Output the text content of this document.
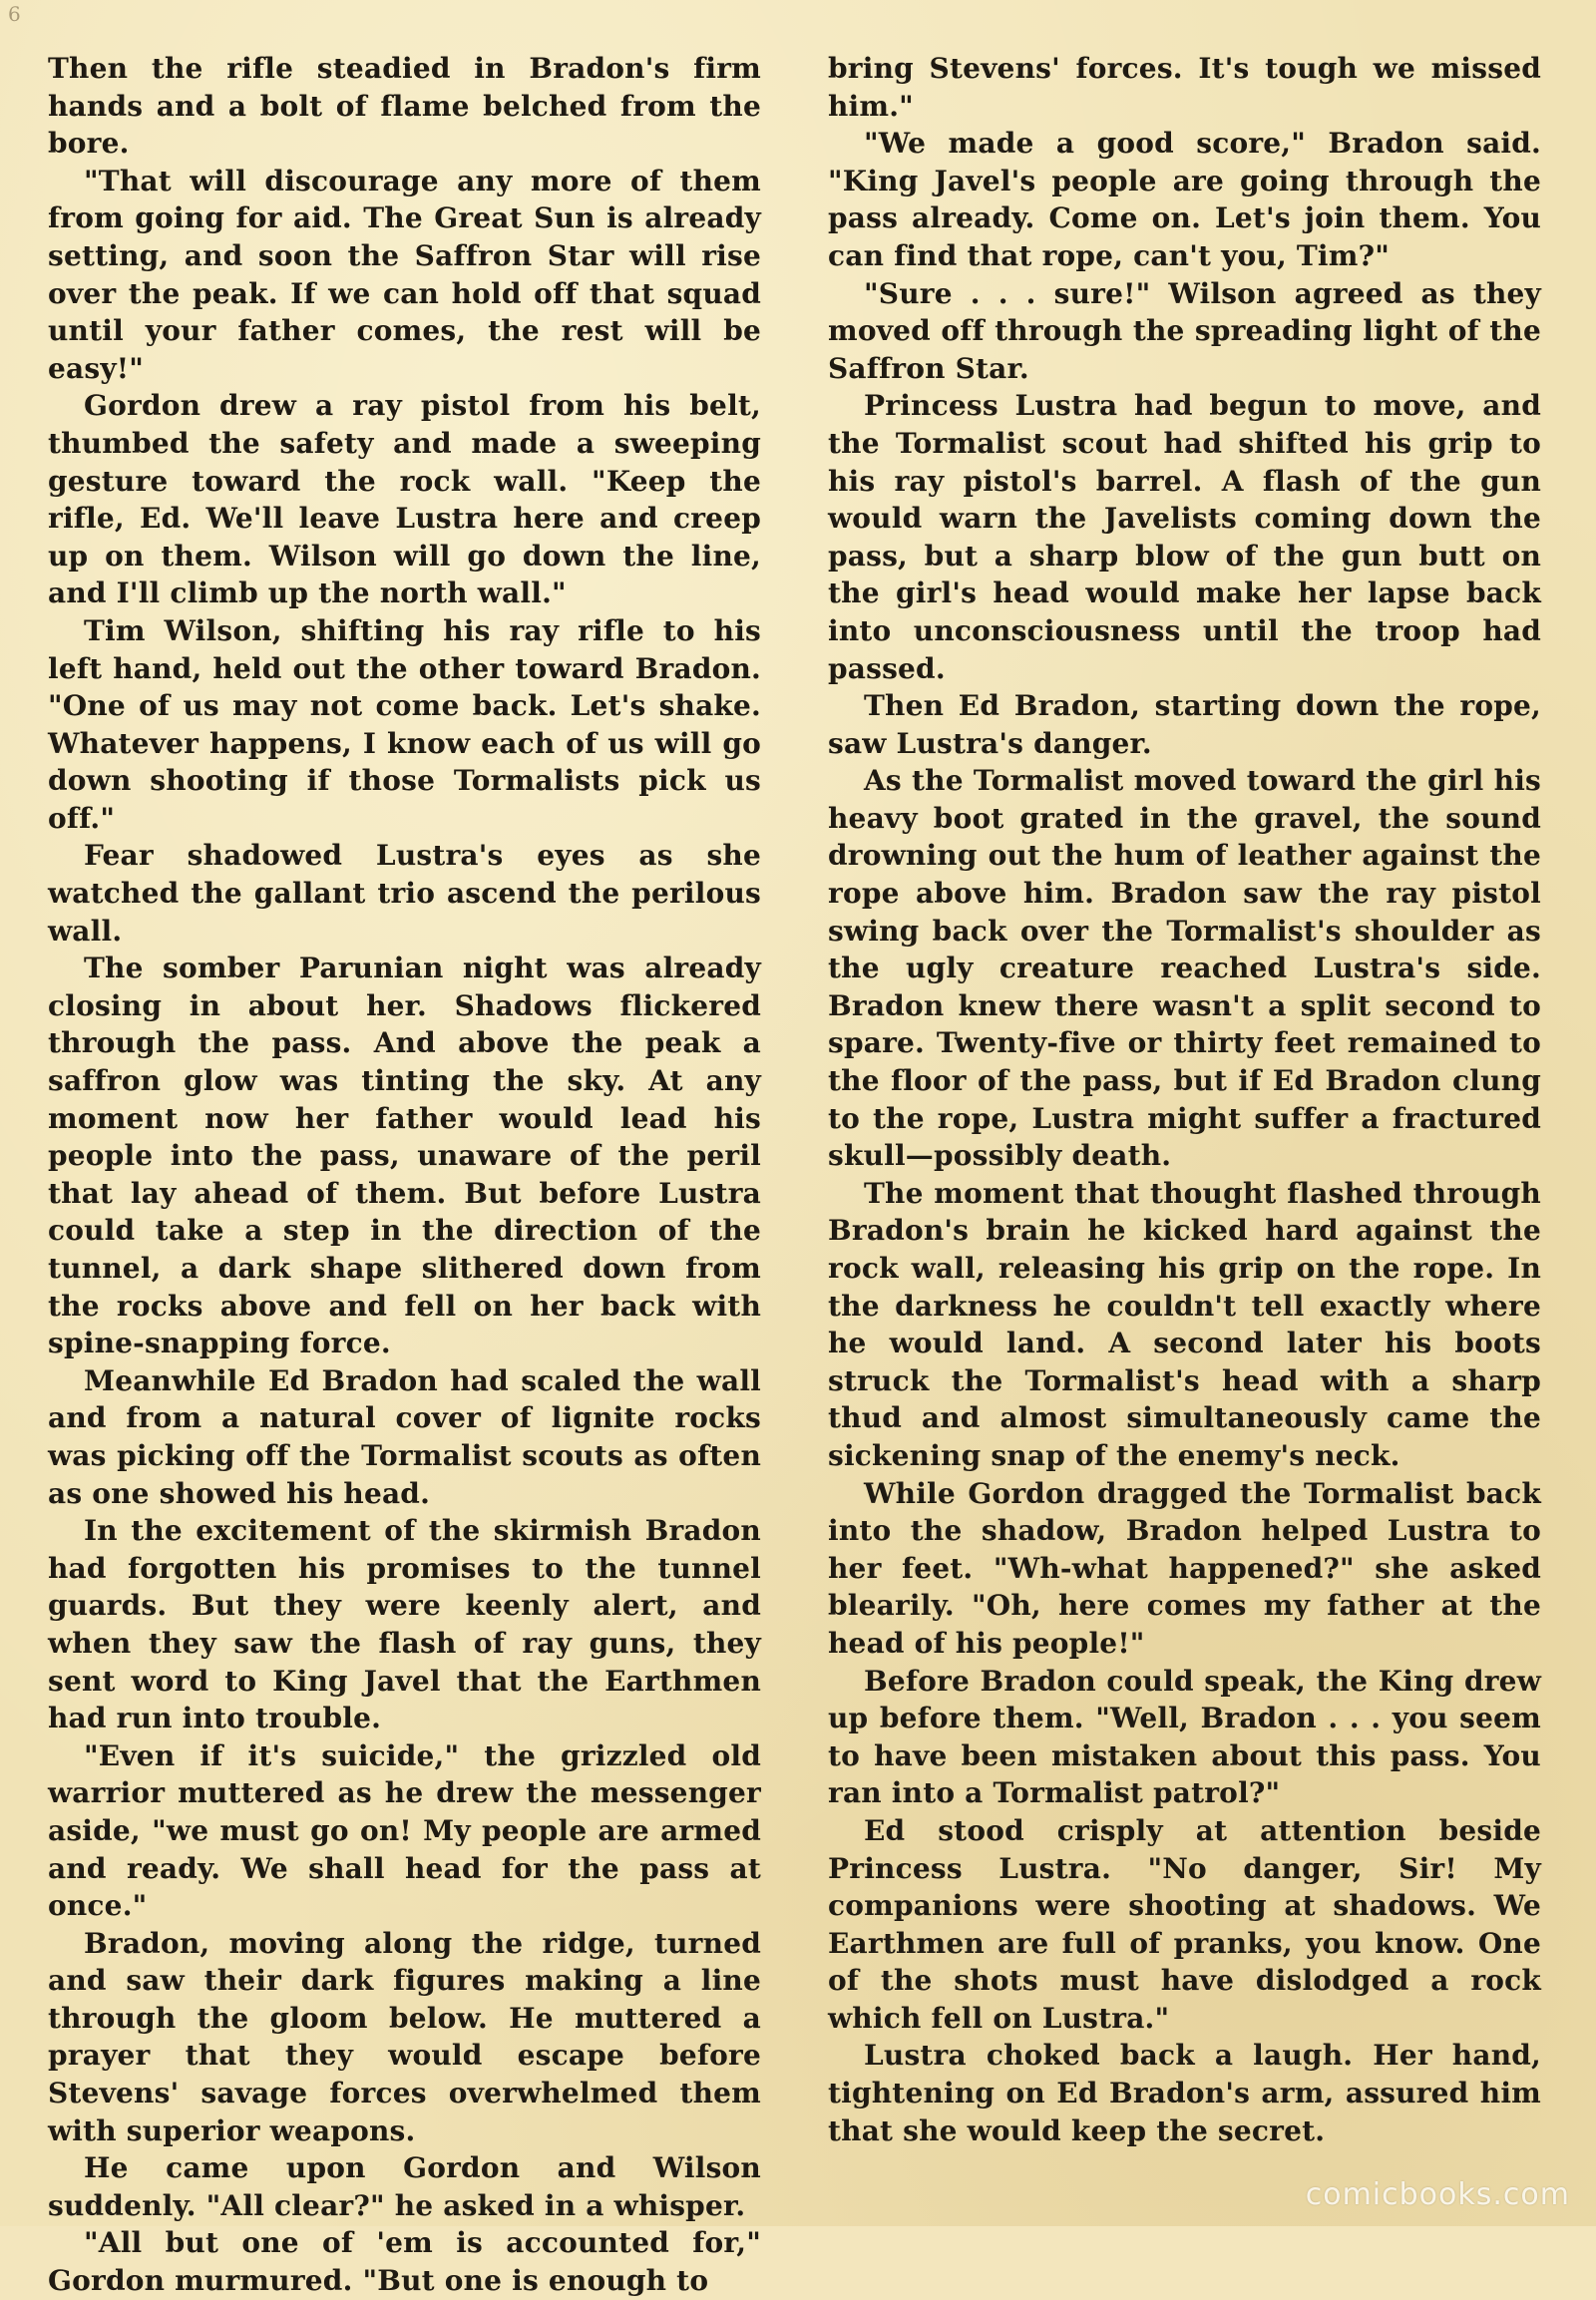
6

Then the rifle steadied in Bradon's firm hands and a bolt of flame belched from the bore.

"That will discourage any more of them from going for aid. The Great Sun is already setting, and soon the Saffron Star will rise over the peak. If we can hold off that squad until your father comes, the rest will be easy!"

Gordon drew a ray pistol from his belt, thumbed the safety and made a sweeping gesture toward the rock wall. "Keep the rifle, Ed. We'll leave Lustra here and creep up on them. Wilson will go down the line, and I'll climb up the north wall."

Tim Wilson, shifting his ray rifle to his left hand, held out the other toward Bradon. "One of us may not come back. Let's shake. Whatever happens, I know each of us will go down shooting if those Tormalists pick us off."

Fear shadowed Lustra's eyes as she watched the gallant trio ascend the perilous wall.

The somber Parunian night was already closing in about her. Shadows flickered through the pass. And above the peak a saffron glow was tinting the sky. At any moment now her father would lead his people into the pass, unaware of the peril that lay ahead of them. But before Lustra could take a step in the direction of the tunnel, a dark shape slithered down from the rocks above and fell on her back with spine-snapping force.

Meanwhile Ed Bradon had scaled the wall and from a natural cover of lignite rocks was picking off the Tormalist scouts as often as one showed his head.

In the excitement of the skirmish Bradon had forgotten his promises to the tunnel guards. But they were keenly alert, and when they saw the flash of ray guns, they sent word to King Javel that the Earthmen had run into trouble.

"Even if it's suicide," the grizzled old warrior muttered as he drew the messenger aside, "we must go on! My people are armed and ready. We shall head for the pass at once."

Bradon, moving along the ridge, turned and saw their dark figures making a line through the gloom below. He muttered a prayer that they would escape before Stevens' savage forces overwhelmed them with superior weapons.

He came upon Gordon and Wilson suddenly. "All clear?" he asked in a whisper.

"All but one of 'em is accounted for," Gordon murmured. "But one is enough to

bring Stevens' forces. It's tough we missed him."

"We made a good score," Bradon said. "King Javel's people are going through the pass already. Come on. Let's join them. You can find that rope, can't you, Tim?"

"Sure . . . sure!" Wilson agreed as they moved off through the spreading light of the Saffron Star.

Princess Lustra had begun to move, and the Tormalist scout had shifted his grip to his ray pistol's barrel. A flash of the gun would warn the Javelists coming down the pass, but a sharp blow of the gun butt on the girl's head would make her lapse back into unconsciousness until the troop had passed.

Then Ed Bradon, starting down the rope, saw Lustra's danger.

As the Tormalist moved toward the girl his heavy boot grated in the gravel, the sound drowning out the hum of leather against the rope above him. Bradon saw the ray pistol swing back over the Tormalist's shoulder as the ugly creature reached Lustra's side. Bradon knew there wasn't a split second to spare. Twenty-five or thirty feet remained to the floor of the pass, but if Ed Bradon clung to the rope, Lustra might suffer a fractured skull—possibly death.

The moment that thought flashed through Bradon's brain he kicked hard against the rock wall, releasing his grip on the rope. In the darkness he couldn't tell exactly where he would land. A second later his boots struck the Tormalist's head with a sharp thud and almost simultaneously came the sickening snap of the enemy's neck.

While Gordon dragged the Tormalist back into the shadow, Bradon helped Lustra to her feet. "Wh-what happened?" she asked blearily. "Oh, here comes my father at the head of his people!"

Before Bradon could speak, the King drew up before them. "Well, Bradon . . . you seem to have been mistaken about this pass. You ran into a Tormalist patrol?"

Ed stood crisply at attention beside Princess Lustra. "No danger, Sir! My companions were shooting at shadows. We Earthmen are full of pranks, you know. One of the shots must have dislodged a rock which fell on Lustra."

Lustra choked back a laugh. Her hand, tightening on Ed Bradon's arm, assured him that she would keep the secret.

comicbooks.com
